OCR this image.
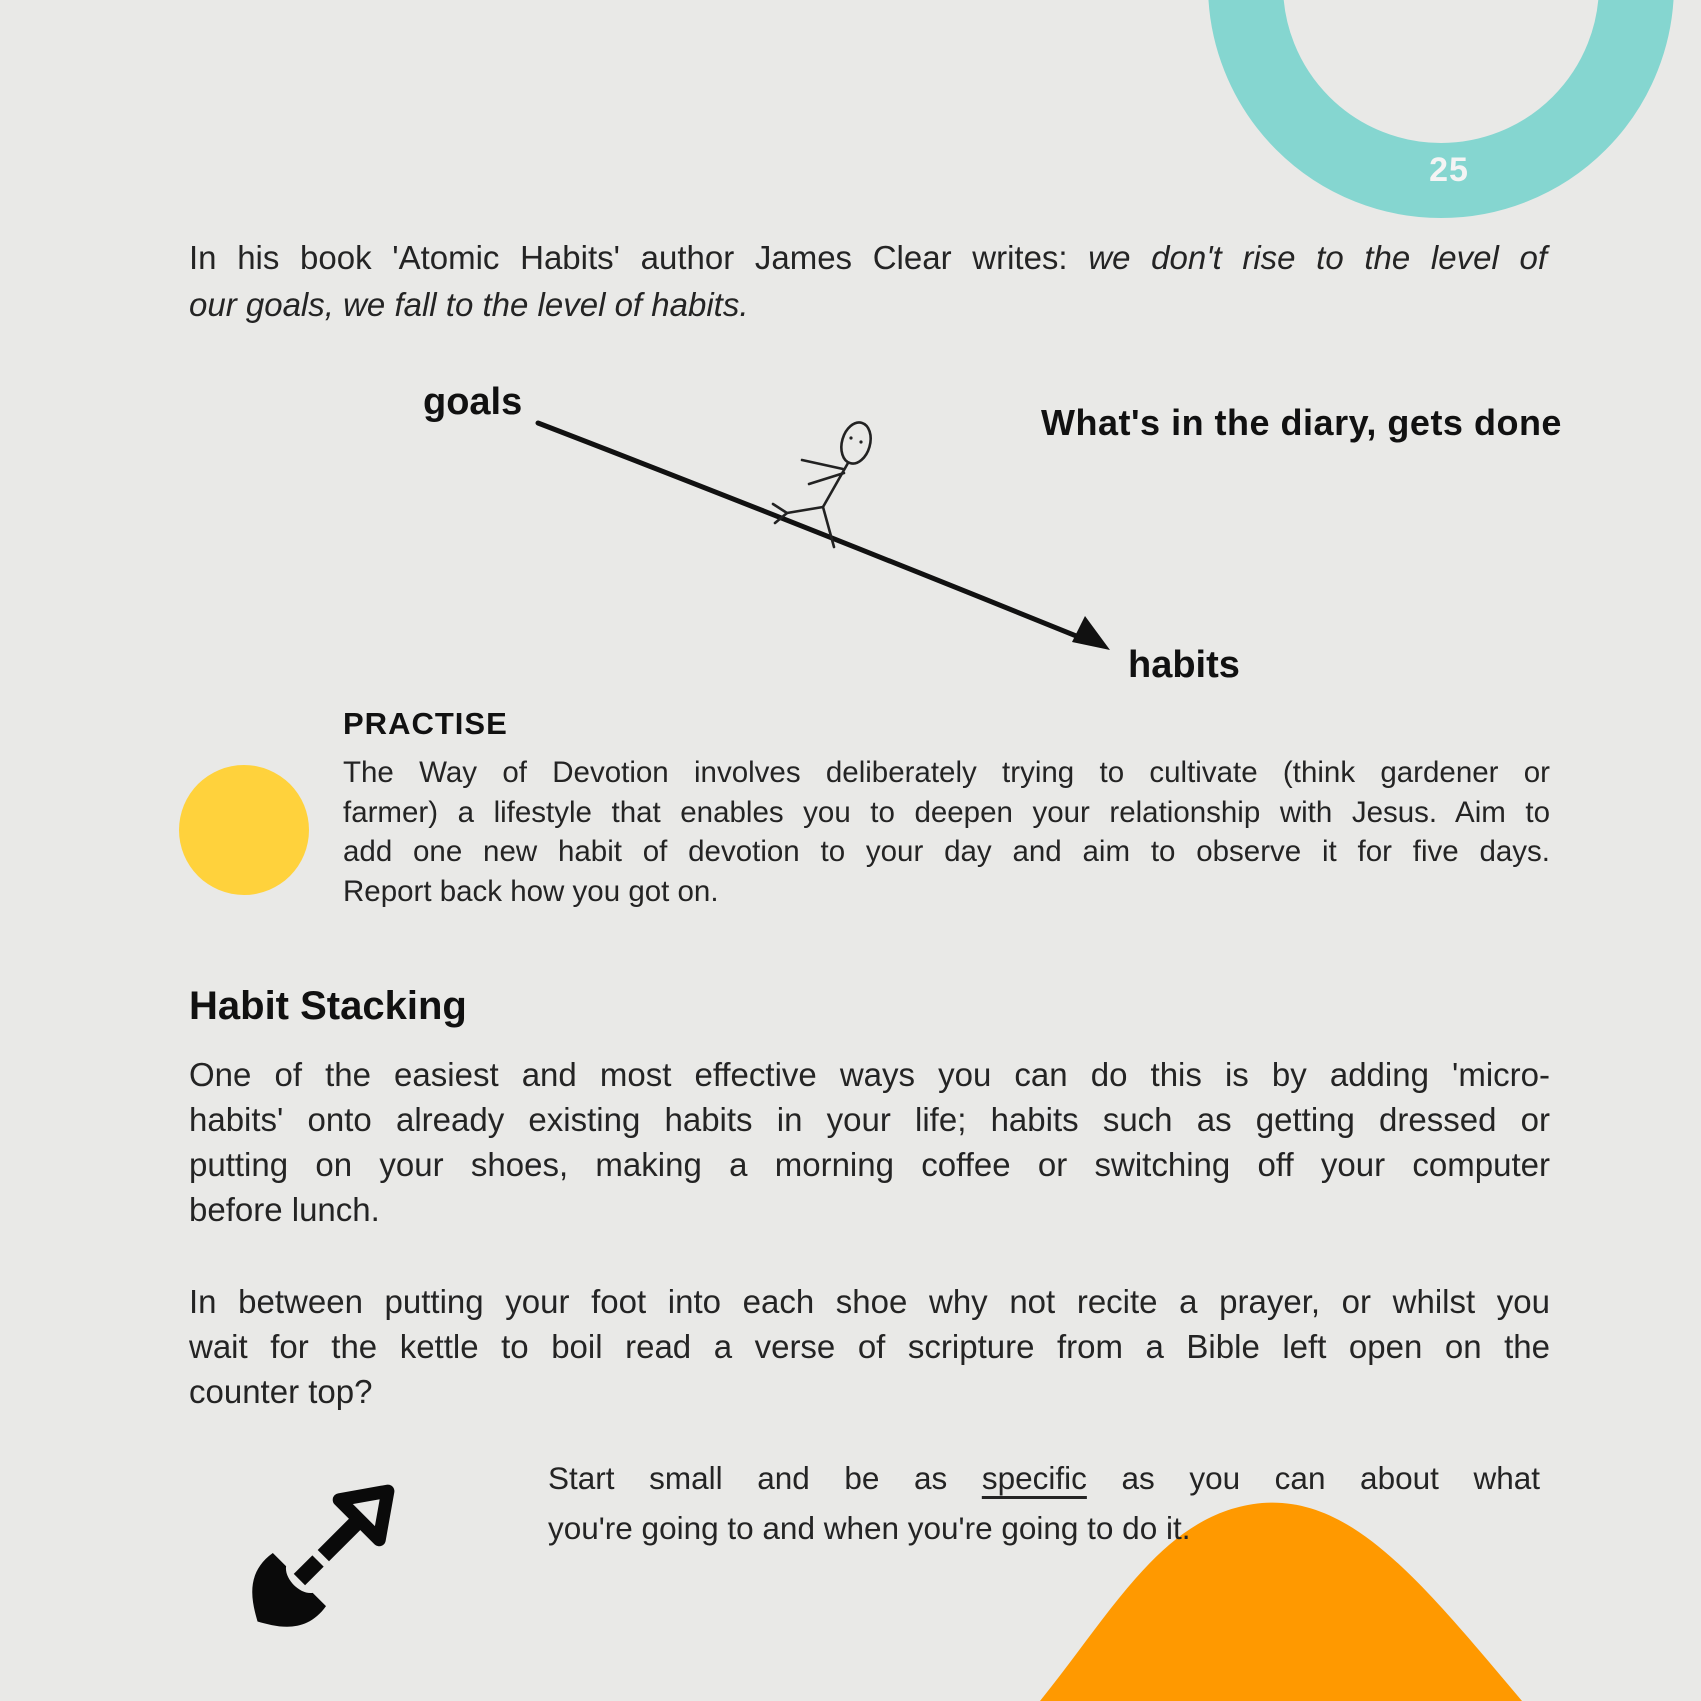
25
In his book 'Atomic Habits' author James Clear writes: we don't rise to the level of
our goals, we fall to the level of habits.
goals	What's in the diary, gets done
habits
PRACTISE
The Way of Devotion involves deliberately trying to cultivate (think gardener or
farmer) a lifestyle that enables you to deepen your relationship with Jesus. Aim to
add one new habit of devotion to your day and aim to observe it for five days.
Report back how you got on.
Habit Stacking
One of the easiest and most effective ways you can do this is by adding 'micro-
habits' onto already existing habits in your life; habits such as getting dressed or
putting on your shoes, making a morning coffee or switching off your computer
before lunch.
In between putting your foot into each shoe why not recite a prayer, or whilst you
wait for the kettle to boil read a verse of scripture from a Bible left open on the
counter top?
Start small and be as specific as you can about what
you're going to and when you're going to do it.
